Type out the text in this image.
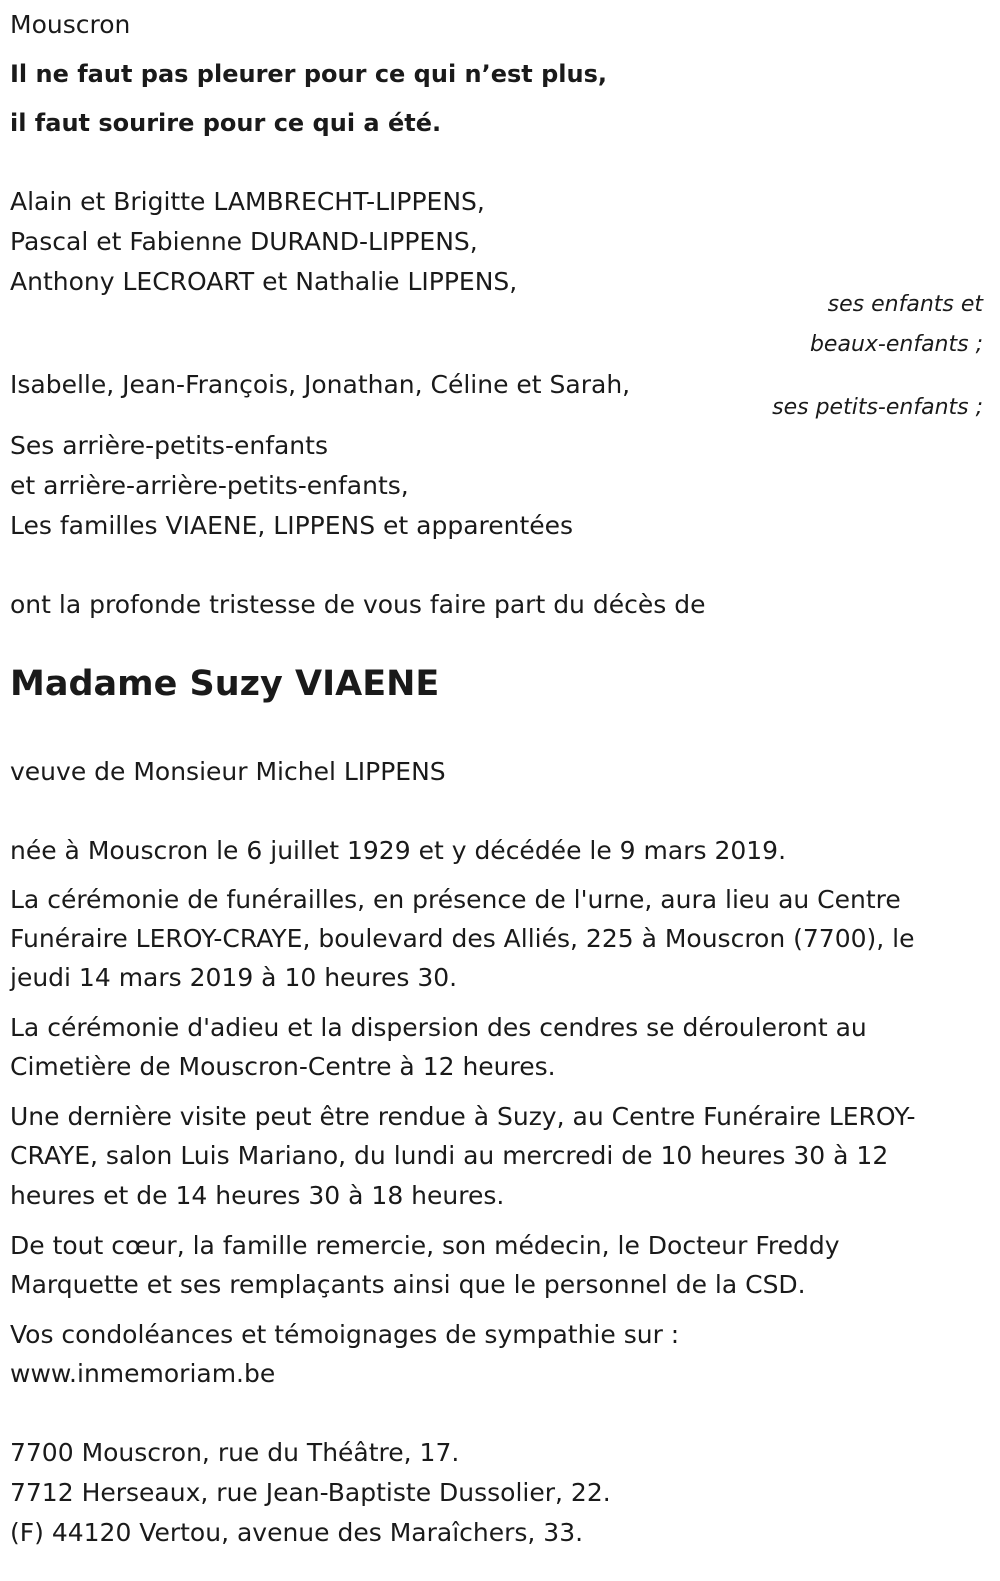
Mouscron
Il ne faut pas pleurer pour ce qui n’est plus,
il faut sourire pour ce qui a été.
Alain et Brigitte LAMBRECHT-LIPPENS,
Pascal et Fabienne DURAND-LIPPENS,
Anthony LECROART et Nathalie LIPPENS,
ses enfants et
beaux-enfants ;
Isabelle, Jean-François, Jonathan, Céline et Sarah,
ses petits-enfants ;
Ses arrière-petits-enfants
et arrière-arrière-petits-enfants,
Les familles VIAENE, LIPPENS et apparentées
ont la profonde tristesse de vous faire part du décès de
Madame Suzy VIAENE
veuve de Monsieur Michel LIPPENS
née à Mouscron le 6 juillet 1929 et y décédée le 9 mars 2019.
La cérémonie de funérailles, en présence de l'urne, aura lieu au Centre
Funéraire LEROY-CRAYE, boulevard des Alliés, 225 à Mouscron (7700), le
jeudi 14 mars 2019 à 10 heures 30.
La cérémonie d'adieu et la dispersion des cendres se dérouleront au
Cimetière de Mouscron-Centre à 12 heures.
Une dernière visite peut être rendue à Suzy, au Centre Funéraire LEROY-
CRAYE, salon Luis Mariano, du lundi au mercredi de 10 heures 30 à 12
heures et de 14 heures 30 à 18 heures.
De tout cœur, la famille remercie, son médecin, le Docteur Freddy
Marquette et ses remplaçants ainsi que le personnel de la CSD.
Vos condoléances et témoignages de sympathie sur :
www.inmemoriam.be
7700 Mouscron, rue du Théâtre, 17.
7712 Herseaux, rue Jean-Baptiste Dussolier, 22.
(F) 44120 Vertou, avenue des Maraîchers, 33.
